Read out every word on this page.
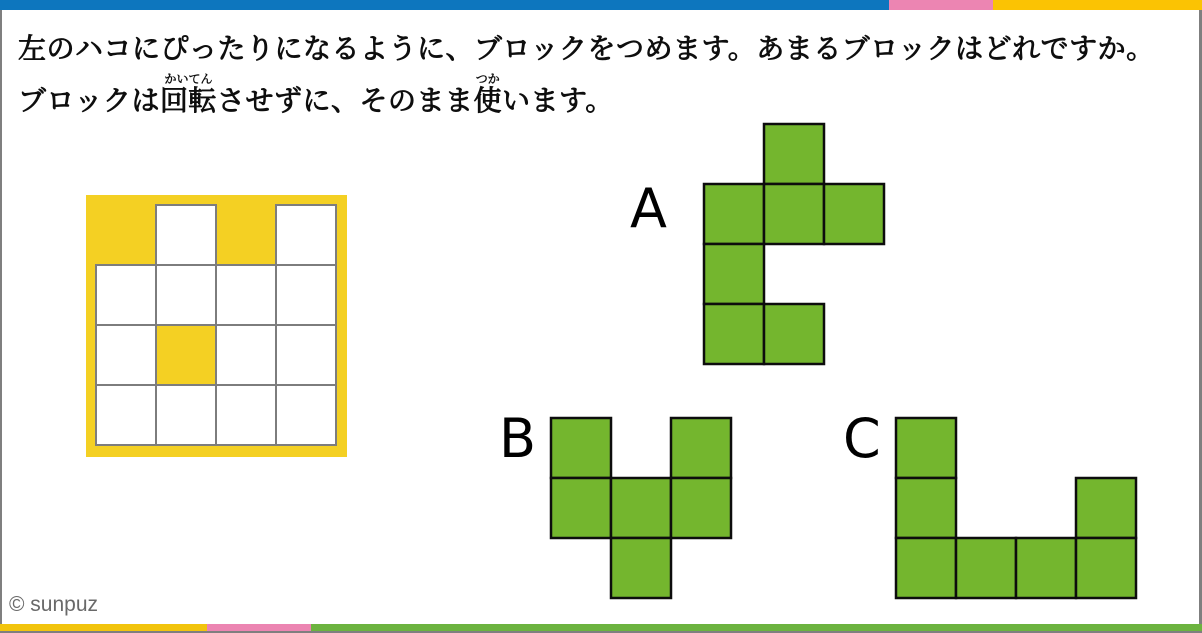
左のハコにぴったりになるように、ブロックをつめます。あまるブロックはどれですか。
ブロックは回転かいてんさせずに、そのまま使つかいます。
© sunpuz
A
B	C
